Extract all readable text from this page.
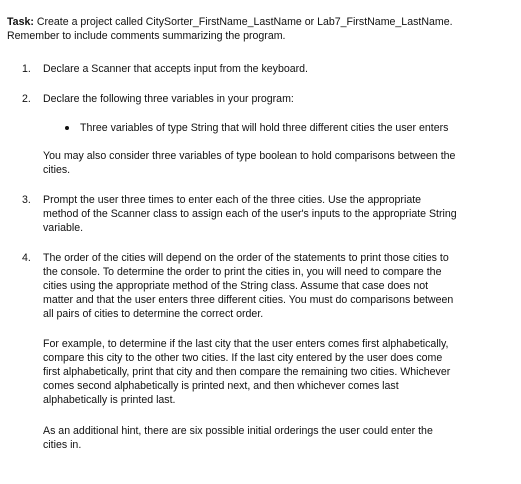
Task: Create a project called CitySorter_FirstName_LastName or Lab7_FirstName_LastName.
Remember to include comments summarizing the program.
1.	Declare a Scanner that accepts input from the keyboard.
2.	Declare the following three variables in your program:
Three variables of type String that will hold three different cities the user enters
You may also consider three variables of type boolean to hold comparisons between the
cities.
3.	Prompt the user three times to enter each of the three cities. Use the appropriate
method of the Scanner class to assign each of the user's inputs to the appropriate String
variable.
4.	The order of the cities will depend on the order of the statements to print those cities to
the console. To determine the order to print the cities in, you will need to compare the
cities using the appropriate method of the String class. Assume that case does not
matter and that the user enters three different cities. You must do comparisons between
all pairs of cities to determine the correct order.
For example, to determine if the last city that the user enters comes first alphabetically,
compare this city to the other two cities. If the last city entered by the user does come
first alphabetically, print that city and then compare the remaining two cities. Whichever
comes second alphabetically is printed next, and then whichever comes last
alphabetically is printed last.
As an additional hint, there are six possible initial orderings the user could enter the
cities in.
